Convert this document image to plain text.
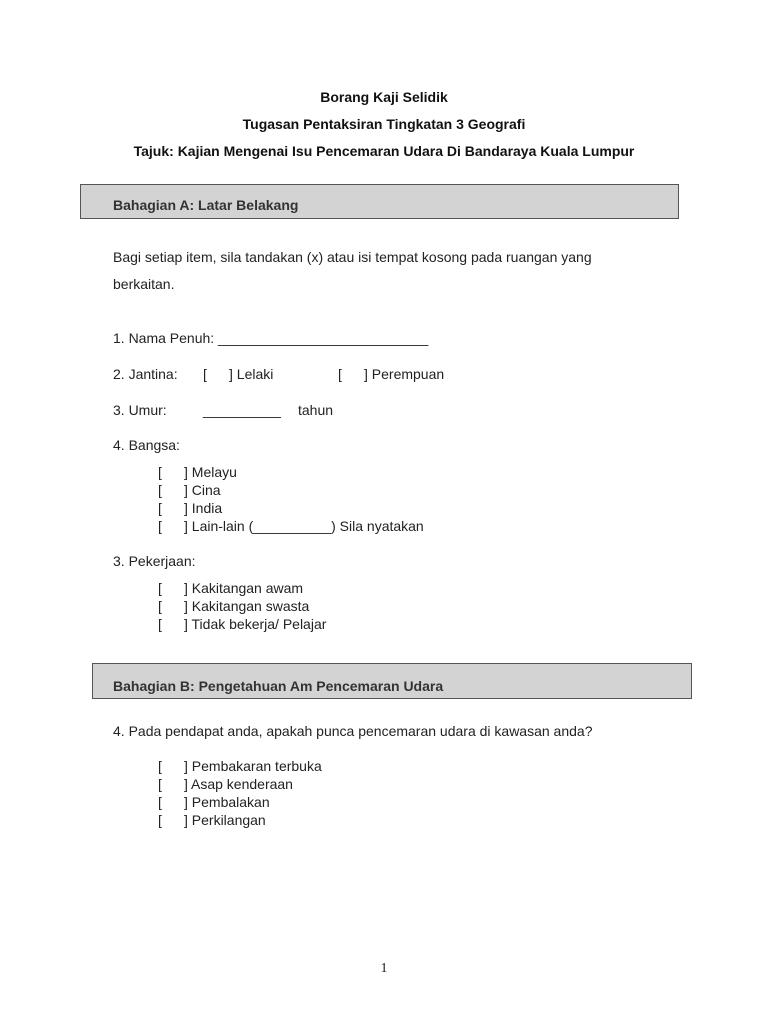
Borang Kaji Selidik
Tugasan Pentaksiran Tingkatan 3 Geografi
Tajuk: Kajian Mengenai Isu Pencemaran Udara Di Bandaraya Kuala Lumpur
Bahagian A: Latar Belakang
Bagi setiap item, sila tandakan (x) atau isi tempat kosong pada ruangan yang
berkaitan.
1. Nama Penuh: ___________________________
2. Jantina: [ ] Lelaki	[ ] Perempuan
3. Umur:	__________ tahun
4. Bangsa:
[ ] Melayu
[ ] Cina
[ ] India
[ ] Lain-lain (__________) Sila nyatakan
3. Pekerjaan:
[ ] Kakitangan awam
[ ] Kakitangan swasta
[ ] Tidak bekerja/ Pelajar
Bahagian B: Pengetahuan Am Pencemaran Udara
4. Pada pendapat anda, apakah punca pencemaran udara di kawasan anda?
[ ] Pembakaran terbuka
[ ] Asap kenderaan
[ ] Pembalakan
[ ] Perkilangan
1
